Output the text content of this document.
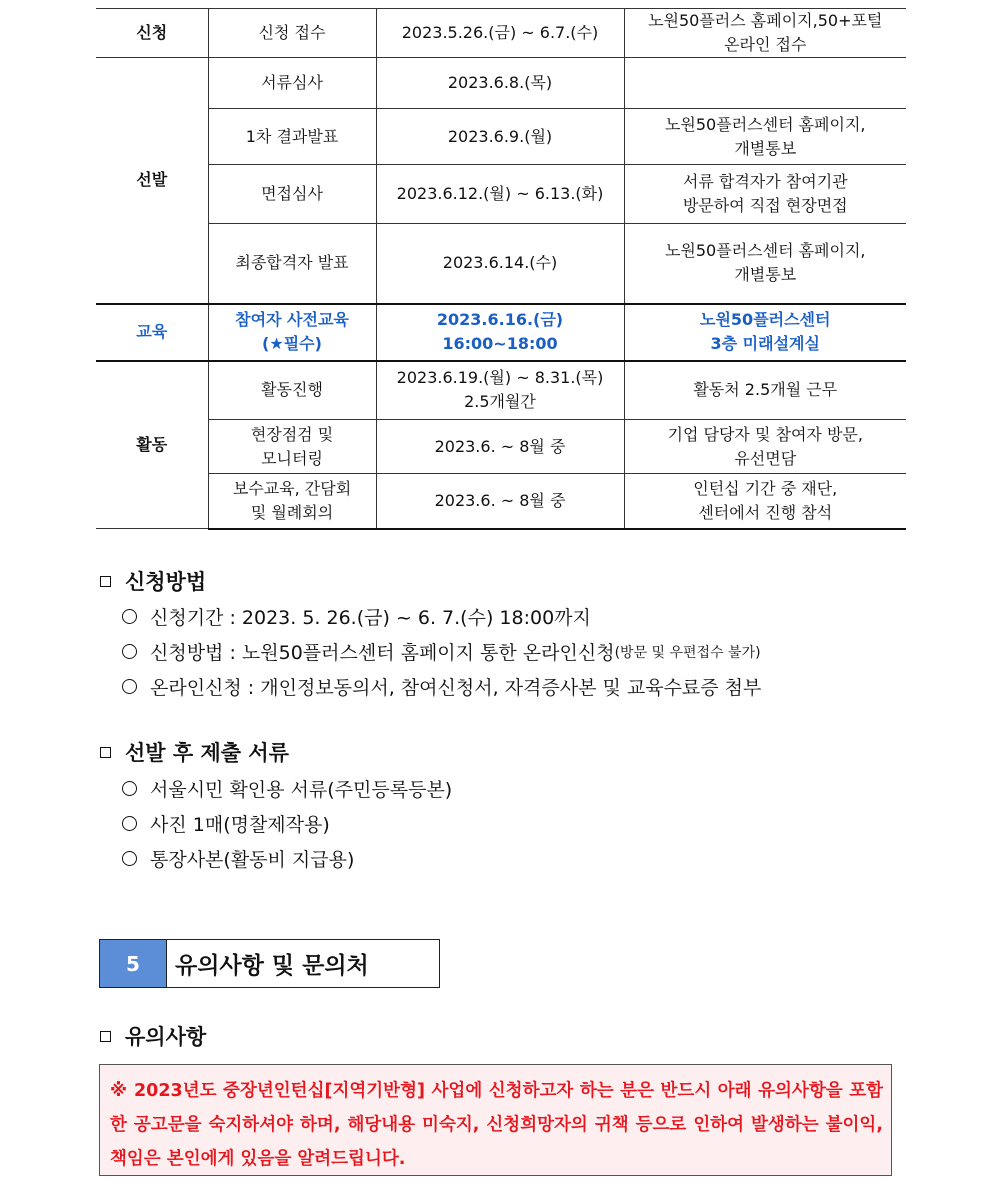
신청	신청 접수	2023.5.26.(금) ~ 6.7.(수)	노원50플러스 홈페이지,50+포털
온라인 접수

선발	서류심사	2023.6.8.(목)	

	1차 결과발표	2023.6.9.(월)	노원50플러스센터 홈페이지,
개별통보

	면접심사	2023.6.12.(월) ~ 6.13.(화)	서류 합격자가 참여기관
방문하여 직접 현장면접

	최종합격자 발표	2023.6.14.(수)	노원50플러스센터 홈페이지,
개별통보

교육	참여자 사전교육
(★필수)	2023.6.16.(금) 16:00~18:00	노원50플러스센터
3층 미래설계실

활동	활동진행	2023.6.19.(월) ~ 8.31.(목)
2.5개월간	활동처 2.5개월 근무

	현장점검 및
모니터링	2023.6. ~ 8월 중	기업 담당자 및 참여자 방문,
유선면담

	보수교육, 간담회
및 월례회의	2023.6. ~ 8월 중	인턴십 기간 중 재단,
센터에서 진행 참석
신청방법
신청기간 : 2023. 5. 26.(금) ~ 6. 7.(수) 18:00까지
신청방법 : 노원50플러스센터 홈페이지 통한 온라인신청 (방문 및 우편접수 불가)
온라인신청 : 개인정보동의서, 참여신청서, 자격증사본 및 교육수료증 첨부
선발 후 제출 서류
서울시민 확인용 서류(주민등록등본)
사진 1매(명찰제작용)
통장사본(활동비 지급용)
5	유의사항 및 문의처
유의사항
※ 2023년도 중장년인턴십[지역기반형] 사업에 신청하고자 하는 분은 반드시 아래 유의사항을 포함한 공고문을 숙지하셔야 하며, 해당내용 미숙지, 신청희망자의 귀책 등으로 인하여 발생하는 불이익, 책임은 본인에게 있음을 알려드립니다.
